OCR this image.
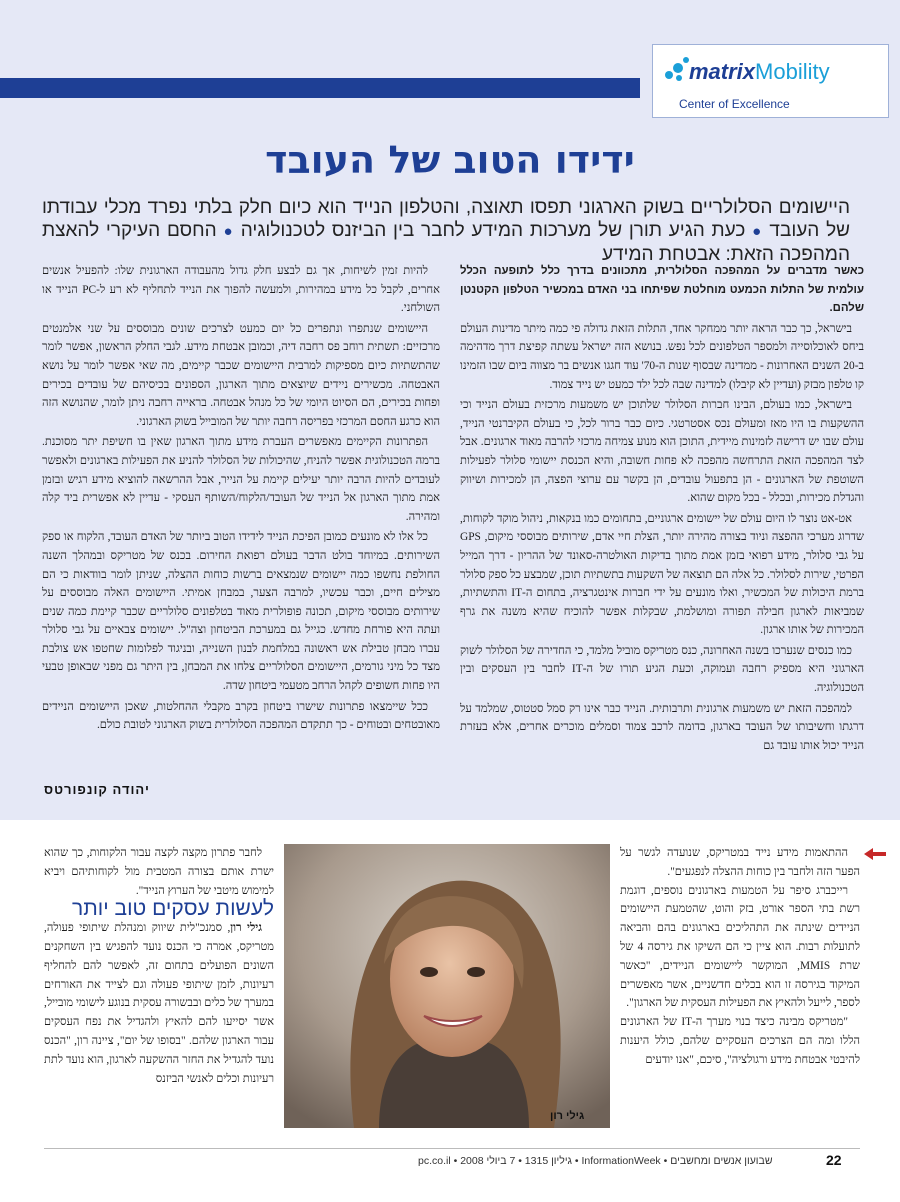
matrixMobility
Center of Excellence
ידידו הטוב של העובד

היישומים הסלולריים בשוק הארגוני תפסו תאוצה, והטלפון הנייד הוא כיום חלק בלתי נפרד מכלי עבודתו של העובד ● כעת הגיע תורן של מערכות המידע לחבר בין הביזנס לטכנולוגיה ● החסם העיקרי להאצת המהפכה הזאת: אבטחת המידע

כאשר מדברים על המהפכה הסלולרית, מתכוונים בדרך כלל לתופעה הכלל עולמית של התלות הכמעט מוחלטת שפיתחו בני האדם במכשיר הטלפון הקטנטן שלהם.

בישראל, כך כבר הראה יותר ממחקר אחד, התלות הזאת גדולה פי כמה מיתר מדינות העולם ביחס לאוכלוסייה ולמספר הטלפונים לכל נפש. בנושא הזה ישראל עשתה קפיצת דרך מדהימה ב-20 השנים האחרונות - ממדינה שבסוף שנות ה-70' עוד חגגו אנשים בר מצווה ביום שבו הזמינו קו טלפון מבזק (ועדיין לא קיבלו) למדינה שבה לכל ילד כמעט יש נייד צמוד.

בישראל, כמו בעולם, הבינו חברות הסלולר שלתוכן יש משמעות מרכזית בעולם הנייד וכי ההשקעות בו היו מאז ומעולם נכס אסטרטגי. כיום כבר ברור לכל, כי בעולם הקיברנטי הנייד, עולם שבו יש דרישה לזמינות מיידית, התוכן הוא מנוע צמיחה מרכזי להרבה מאוד ארגונים. אבל לצד המהפכה הזאת התרחשה מהפכה לא פחות חשובה, והיא הכנסת יישומי סלולר לפעילות השוטפת של הארגונים - הן בתפעול עובדים, הן בקשר עם ערוצי הפצה, הן למכירות ושיווק והגדלת מכירות, ובכלל - בכל מקום שהוא.

אט-אט נוצר לו היום עולם של יישומים ארגוניים, בתחומים כמו בנקאות, ניהול מוקד לקוחות, שדרוג מערכי ההפצה וניוד בצורה מהירה יותר, הצלת חיי אדם, שירותים מבוססי מיקום, GPS על גבי סלולר, מידע רפואי בזמן אמת מתוך בדיקות האולטרה-סאונד של ההריון - דרך המייל הפרטי, שירות לסלולר. כל אלה הם תוצאה של השקעות בתשתיות תוכן, שמבצע כל ספק סלולר ברמת היכולות של המכשיר, ואלו מונעים על ידי חברות אינטגרציה, בתחום ה-IT והתשתיות, שמביאות לארגון חבילה תפורה ומושלמת, שבקלות אפשר להוכיח שהיא משנה את גרף המכירות של אותו ארגון.

כמו כנסים שנערכו בשנה האחרונה, כנס מטריקס מוביל מלמד, כי החדירה של הסלולר לשוק הארגוני היא מספיק רחבה ועמוקה, וכעת הגיע תורו של ה-IT לחבר בין העסקים ובין הטכנולוגיה.

למהפכה הזאת יש משמעות ארגונית ותרבותית. הנייד כבר אינו רק סמל סטטוס, שמלמד על דרגתו וחשיבותו של העובד בארגון, בדומה לרכב צמוד וסמלים מוכרים אחרים, אלא בעזרת הנייד יכול אותו עובד גם

להיות זמין לשיחות, אך גם לבצע חלק גדול מהעבודה הארגונית שלו: להפעיל אנשים אחרים, לקבל כל מידע במהירות, ולמעשה להפוך את הנייד לתחליף לא רע ל-PC הנייד או השולחני.

היישומים שנתפרו ונתפרים כל יום כמעט לצרכים שונים מבוססים על שני אלמנטים מרכזיים: תשתית רוחב פס רחבה דיה, וכמובן אבטחת מידע. לגבי החלק הראשון, אפשר לומר שהתשתיות כיום מספיקות למרבית היישומים שכבר קיימים, מה שאי אפשר לומר על נושא האבטחה. מכשירים ניידים שיוצאים מתוך הארגון, הספונים בכיסיהם של עובדים בכירים ופחות בכירים, הם הסיוט היומי של כל מנהל אבטחה. בראייה רחבה ניתן לומר, שהנושא הזה הוא כרגע החסם המרכזי בפריסה רחבה יותר של המובייל בשוק הארגוני.

הפתרונות הקיימים מאפשרים העברת מידע מתוך הארגון שאין בו חשיפת יתר מסוכנת. ברמה הטכנולוגית אפשר להניח, שהיכולות של הסלולר להניע את הפעילות בארגונים ולאפשר לעובדים להיות הרבה יותר יעילים קיימת על הנייר, אבל ההרשאה להוציא מידע רגיש ובזמן אמת מתוך הארגון אל הנייד של העובד/הלקוח/השותף העסקי - עדיין לא אפשרית ביד קלה ומהירה.

כל אלו לא מונעים כמובן הפיכת הנייד לידידו הטוב ביותר של האדם העובד, הלקוח או ספק השירותים. במיוחד בולט הדבר בעולם רפואת החירום. בכנס של מטריקס ובמהלך השנה החולפת נחשפו כמה יישומים שנמצאים ברשות כוחות ההצלה, שניתן לומר בוודאות כי הם מצילים חיים, וכבר עכשיו, למרבה הצער, במבחן אמיתי. היישומים האלה מבוססים על שירותים מבוססי מיקום, תכונה פופולרית מאוד בטלפונים סלולריים שכבר קיימת כמה שנים ועתה היא פורחת מחדש. כגייל גם במערכת הביטחון וצה"ל. יישומים צבאיים על גבי סלולר עברו מבחן טבילת אש ראשונה במלחמת לבנון השנייה, ובניגוד לפלומות שחטפו אש צולבת מצד כל מיני גורמים, היישומים הסלולריים צלחו את המבחן, בין היתר גם מפני שבאופן טבעי היו פחות חשופים לקהל הרחב מטעמי ביטחון שדה.

ככל שיימצאו פתרונות שישרו ביטחון בקרב מקבלי ההחלטות, שאכן היישומים הניידים מאובטחים ובטוחים - כך תתקדם המהפכה הסלולרית בשוק הארגוני לטובת כולם.

יהודה קונפורטס

ההתאמות מידע נייד במטריקס, שנועדה לגשר על הפער הזה ולחבר בין כוחות ההצלה לנפגעים".

רייכברג סיפר על הטמעות בארגונים נוספים, דוגמת רשת בתי הספר אורט, בזק והוט, שהטמעת היישומים הניידים שינתה את התהליכים בארגונים בהם והביאה לתועלות רבות. הוא ציין כי הם השיקו את גירסה 4 של שרת MMIS, המוקשר ליישומים הניידים, "כאשר המיקוד בגירסה זו הוא בכלים חדשניים, אשר מאפשרים לספר, לייעל ולהאיץ את הפעילות העסקית של הארגון".

"מטריקס מבינה כיצד בנוי מערך ה-IT של הארגונים הללו ומה הם הצרכים העסקיים שלהם, כולל היענות להיבטי אבטחת מידע ורגולציה", סיכם, "אנו יודעים

גילי רון

לחבר פתרון מקצה לקצה עבור הלקוחות, כך שהוא ישרת אותם בצורה המטבית מול לקוחותיהם ויביא למימוש מיטבי של הערוץ הנייד".

לעשות עסקים טוב יותר

גילי רון, סמנכ"לית שיווק ומנהלת שיתופי פעולה, מטריקס, אמרה כי הכנס נועד להפגיש בין השחקנים השונים הפועלים בתחום זה, לאפשר להם להחליף רעיונות, לזמן שיתופי פעולה וגם לצייד את האורחים במערך של כלים ובבשורה עסקית בנוגע לישומי מובייל, אשר יסייעו להם להאיץ ולהגדיל את נפח העסקים עבור הארגון שלהם. "בסופו של יום", ציינה רון, "הכנס נועד להגדיל את החזר ההשקעה לארגון, הוא נועד לתת רעיונות וכלים לאנשי הביזנס

22
שבועון אנשים ומחשבים • InformationWeek • גיליון 1315 • 7 ביולי 2008 • pc.co.il
